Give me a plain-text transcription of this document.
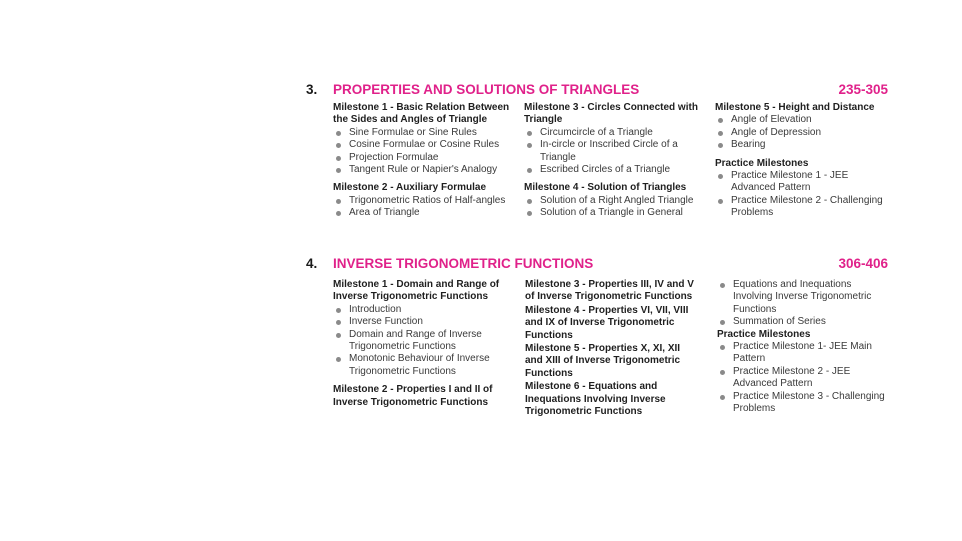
3. PROPERTIES AND SOLUTIONS OF TRIANGLES	235-305
Milestone 1 - Basic Relation Between the Sides and Angles of Triangle
Sine Formulae or Sine Rules
Cosine Formulae or Cosine Rules
Projection Formulae
Tangent Rule or Napier's Analogy
Milestone 2 - Auxiliary Formulae
Trigonometric Ratios of Half-angles
Area of Triangle
Milestone 3 - Circles Connected with Triangle
Circumcircle of a Triangle
In-circle or Inscribed Circle of a Triangle
Escribed Circles of a Triangle
Milestone 4 - Solution of Triangles
Solution of a Right Angled Triangle
Solution of a Triangle in General
Milestone 5 - Height and Distance
Angle of Elevation
Angle of Depression
Bearing
Practice Milestones
Practice Milestone 1 - JEE Advanced Pattern
Practice Milestone 2 - Challenging Problems
4. INVERSE TRIGONOMETRIC FUNCTIONS	306-406
Milestone 1 - Domain and Range of Inverse Trigonometric Functions
Introduction
Inverse Function
Domain and Range of Inverse Trigonometric Functions
Monotonic Behaviour of Inverse Trigonometric Functions
Milestone 2 - Properties I and II of Inverse Trigonometric Functions
Milestone 3 - Properties III, IV and V of Inverse Trigonometric Functions
Milestone 4 - Properties VI, VII, VIII and IX of Inverse Trigonometric Functions
Milestone 5 - Properties X, XI, XII and XIII of Inverse Trigonometric Functions
Milestone 6 - Equations and Inequations Involving Inverse Trigonometric Functions
Equations and Inequations Involving Inverse Trigonometric Functions
Summation of Series
Practice Milestones
Practice Milestone 1- JEE Main Pattern
Practice Milestone 2 - JEE Advanced Pattern
Practice Milestone 3 - Challenging Problems
